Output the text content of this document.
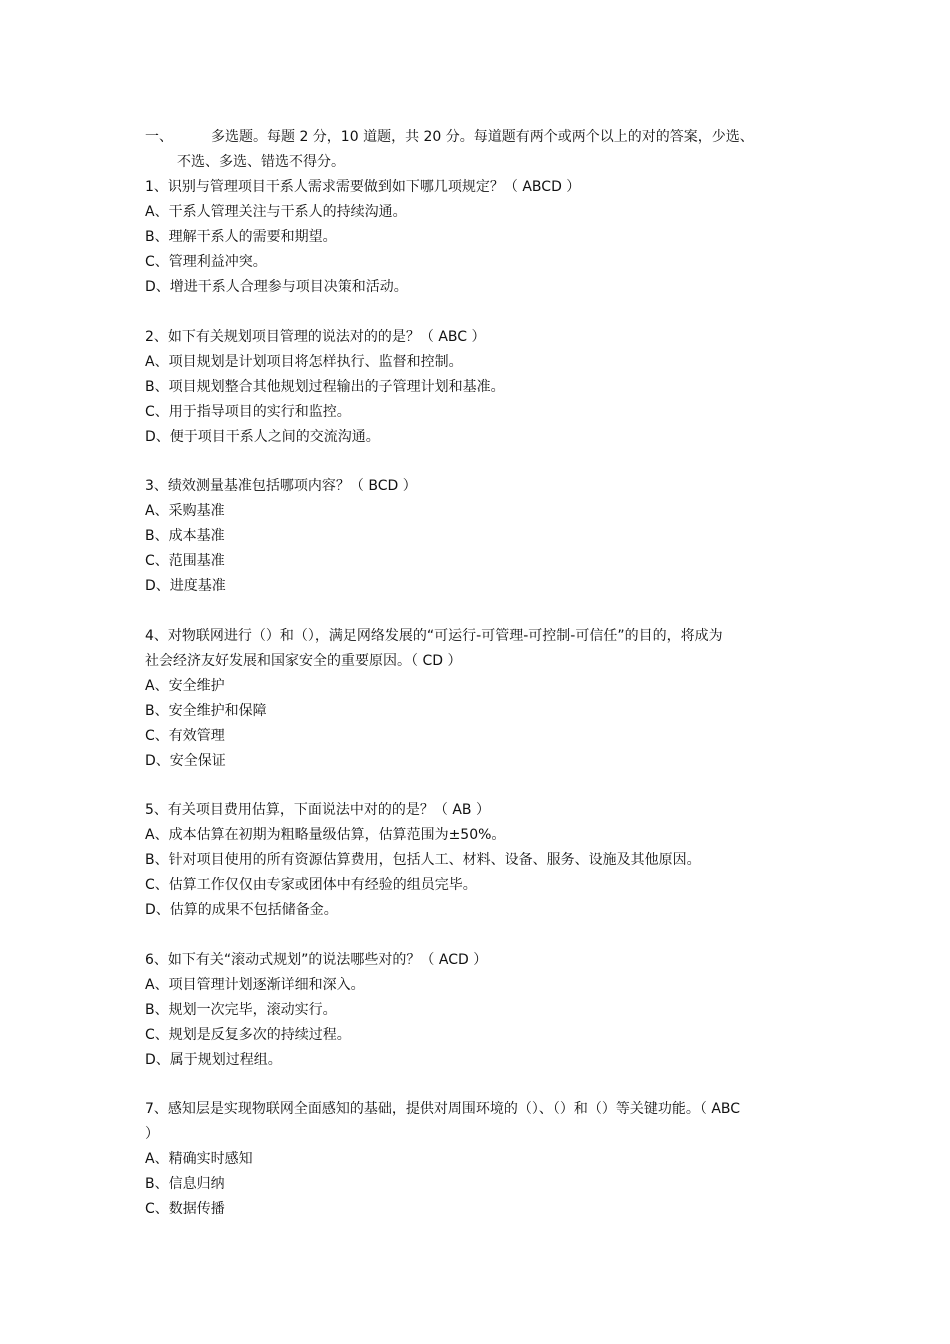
一、	多选题。每题 2 分，10 道题，共 20 分。每道题有两个或两个以上的对的答案，少选、
不选、多选、错选不得分。
1、识别与管理项目干系人需求需要做到如下哪几项规定？（ ABCD ）
A、干系人管理关注与干系人的持续沟通。
B、理解干系人的需要和期望。
C、管理利益冲突。
D、增进干系人合理参与项目决策和活动。
2、如下有关规划项目管理的说法对的的是？（ ABC ）
A、项目规划是计划项目将怎样执行、监督和控制。
B、项目规划整合其他规划过程输出的子管理计划和基准。
C、用于指导项目的实行和监控。
D、便于项目干系人之间的交流沟通。
3、绩效测量基准包括哪项内容？（ BCD ）
A、采购基准
B、成本基准
C、范围基准
D、进度基准
4、对物联网进行（）和（），满足网络发展的“可运行-可管理-可控制-可信任”的目的，将成为
社会经济友好发展和国家安全的重要原因。（ CD ）
A、安全维护
B、安全维护和保障
C、有效管理
D、安全保证
5、有关项目费用估算，下面说法中对的的是？（ AB ）
A、成本估算在初期为粗略量级估算，估算范围为±50%。
B、针对项目使用的所有资源估算费用，包括人工、材料、设备、服务、设施及其他原因。
C、估算工作仅仅由专家或团体中有经验的组员完毕。
D、估算的成果不包括储备金。
6、如下有关“滚动式规划”的说法哪些对的？（ ACD ）
A、项目管理计划逐渐详细和深入。
B、规划一次完毕，滚动实行。
C、规划是反复多次的持续过程。
D、属于规划过程组。
7、感知层是实现物联网全面感知的基础，提供对周围环境的（）、（）和（）等关键功能。（ ABC
）
A、精确实时感知
B、信息归纳
C、数据传播
